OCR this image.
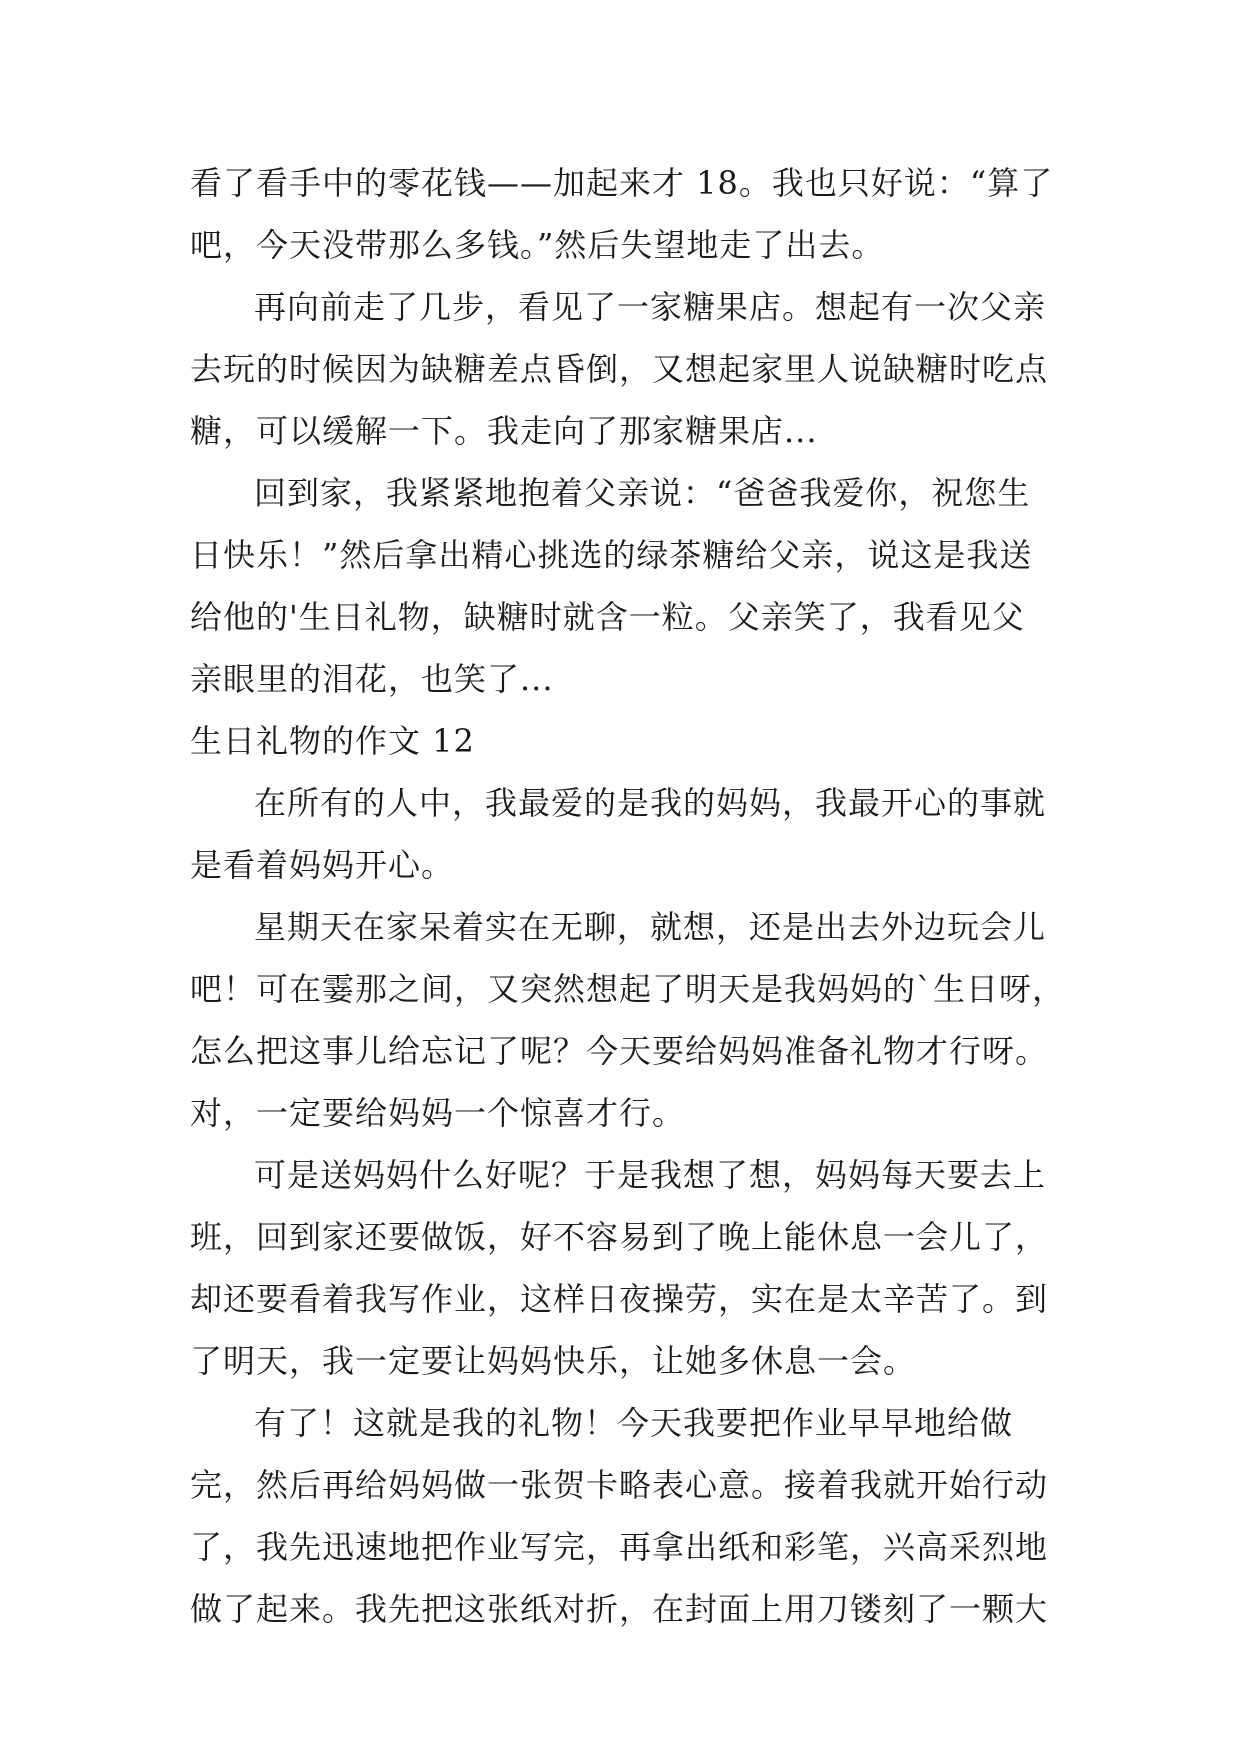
看了看手中的零花钱——加起来才 18。我也只好说：“算了
吧，今天没带那么多钱。”然后失望地走了出去。

再向前走了几步，看见了一家糖果店。想起有一次父亲
去玩的时候因为缺糖差点昏倒，又想起家里人说缺糖时吃点
糖，可以缓解一下。我走向了那家糖果店...

回到家，我紧紧地抱着父亲说：“爸爸我爱你，祝您生
日快乐！”然后拿出精心挑选的绿茶糖给父亲，说这是我送
给他的'生日礼物，缺糖时就含一粒。父亲笑了，我看见父
亲眼里的泪花，也笑了...

生日礼物的作文 12

在所有的人中，我最爱的是我的妈妈，我最开心的事就
是看着妈妈开心。

星期天在家呆着实在无聊，就想，还是出去外边玩会儿
吧！可在霎那之间，又突然想起了明天是我妈妈的`生日呀，
怎么把这事儿给忘记了呢？今天要给妈妈准备礼物才行呀。
对，一定要给妈妈一个惊喜才行。

可是送妈妈什么好呢？于是我想了想，妈妈每天要去上
班，回到家还要做饭，好不容易到了晚上能休息一会儿了，
却还要看着我写作业，这样日夜操劳，实在是太辛苦了。到
了明天，我一定要让妈妈快乐，让她多休息一会。

有了！这就是我的礼物！今天我要把作业早早地给做
完，然后再给妈妈做一张贺卡略表心意。接着我就开始行动
了，我先迅速地把作业写完，再拿出纸和彩笔，兴高采烈地
做了起来。我先把这张纸对折，在封面上用刀镂刻了一颗大
